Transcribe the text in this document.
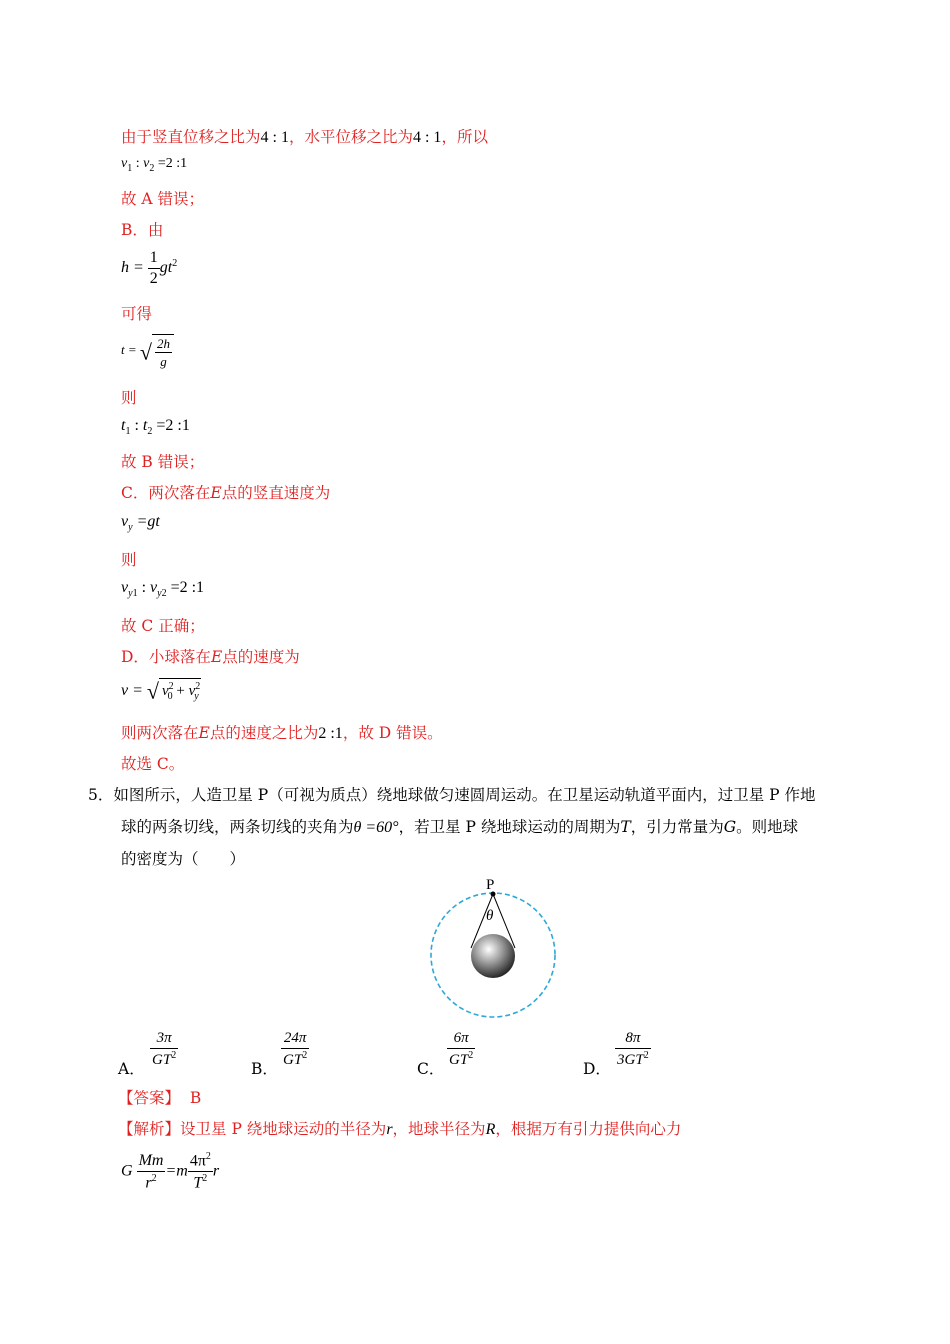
由于竖直位移之比为4 : 1，水平位移之比为4 : 1，所以
$v_1$ : $v_2 =2$ :1
故 A 错误；
B．由
$h = \frac{1}{2} gt^2$
可得
t = √ $\frac{2h}{g}$
则
$t_1$ : $t_2 =2$ :1
故 B 错误；
C．两次落在E点的竖直速度为
$v_y =gt$
则
$v_{y1}$ : $v_{y2} =2$ :1
故 C 正确；
D．小球落在E点的速度为
v = √ $v^2_0 + v^2_y$
则两次落在E点的速度之比为2 :1，故 D 错误。
故选 C。
5．如图所示，人造卫星 P（可视为质点）绕地球做匀速圆周运动。在卫星运动轨道平面内，过卫星 P 作地
球的两条切线，两条切线的夹角为θ =60°，若卫星 P 绕地球运动的周期为T，引力常量为G。则地球
的密度为（　　）
P
θ
A．
$\frac{3\pi}{GT^2}$
B．
$\frac{24\pi}{GT^2}$
C．
$\frac{6\pi}{GT^2}$
D．
$\frac{8\pi}{3GT^2}$
【答案】 B
【解析】设卫星 P 绕地球运动的半径为r，地球半径为R，根据万有引力提供向心力
G $\frac{Mm}{r^2} =m \frac{4\pi^2}{T^2}$ r
